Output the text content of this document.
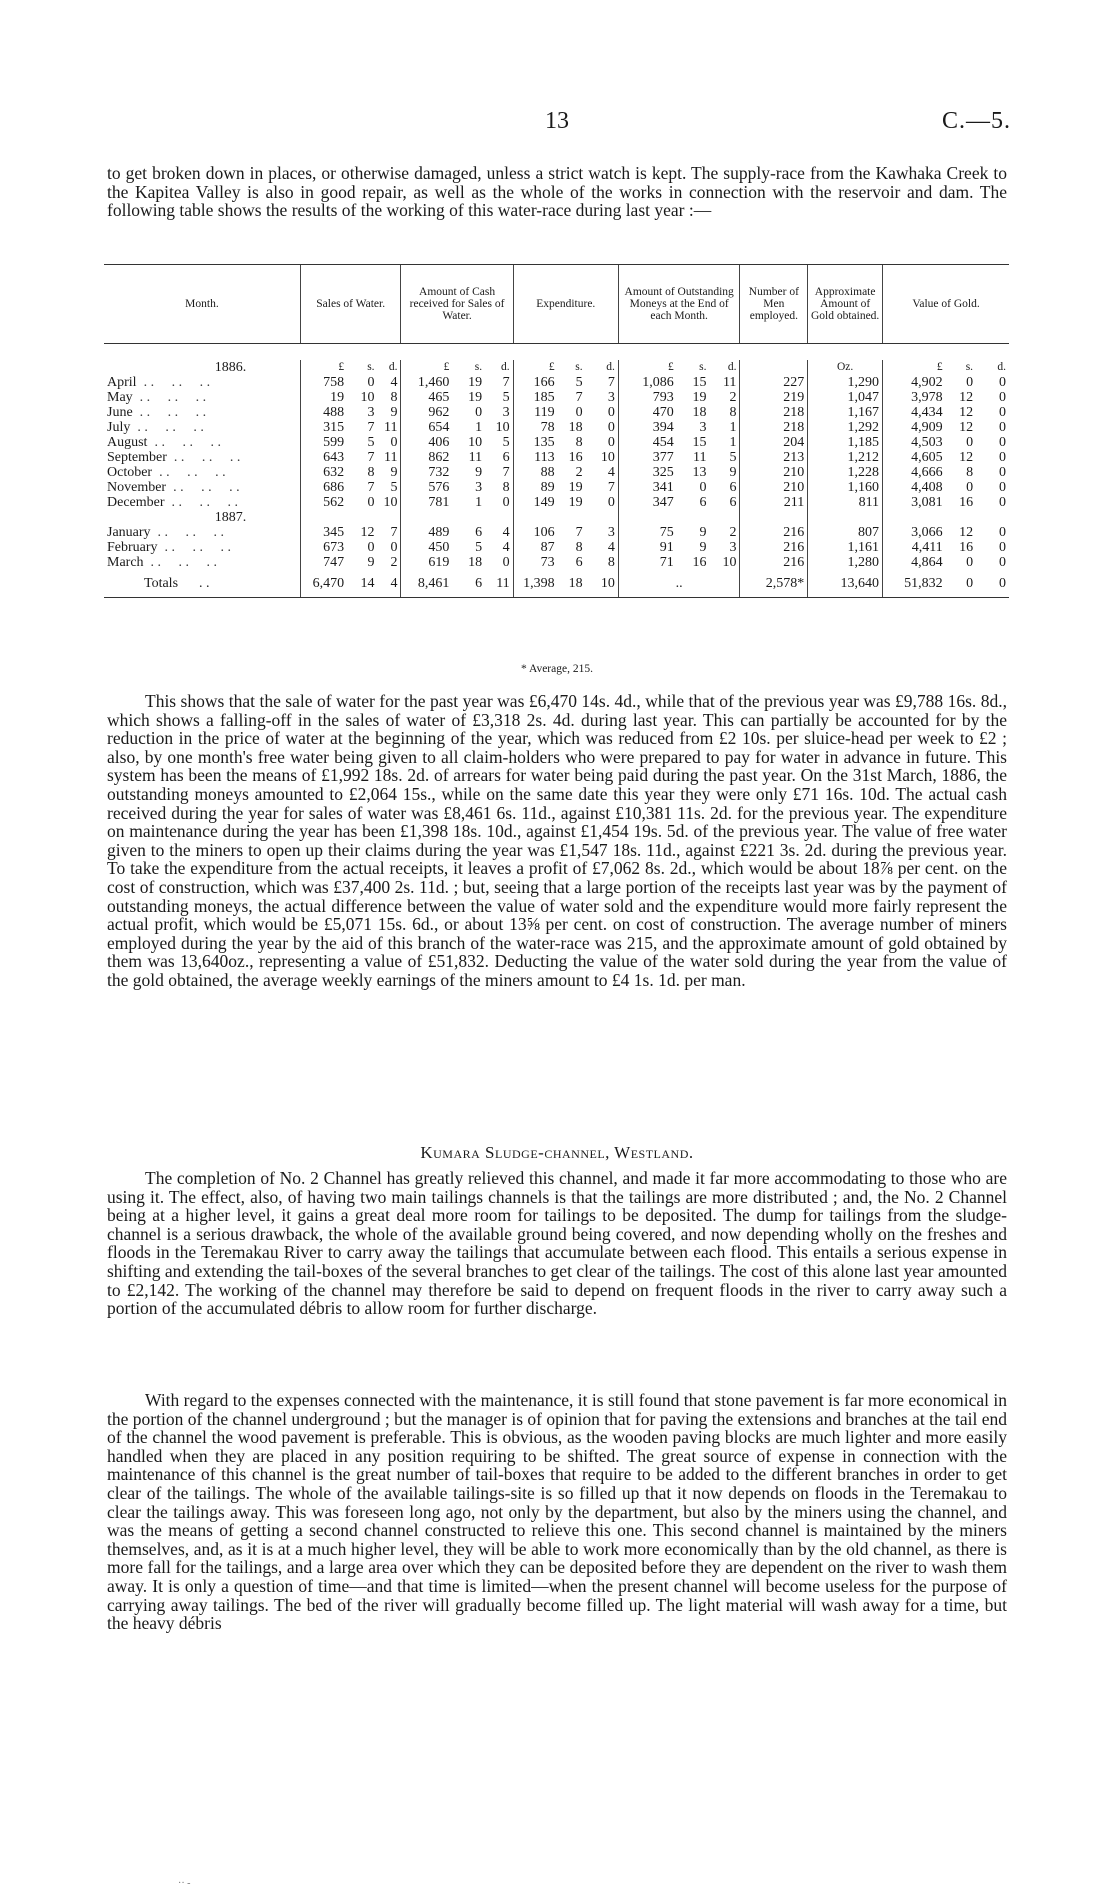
13	C.—5.

to get broken down in places, or otherwise damaged, unless a strict watch is kept. The supply-race from the Kawhaka Creek to the Kapitea Valley is also in good repair, as well as the whole of the works in connection with the reservoir and dam. The following table shows the results of the working of this water-race during last year :—

Month.	Sales of Water.			Amount of Cash received for Sales of Water.			Expenditure.			Amount of Outstanding Moneys at the End of each Month.			Number of Men employed.	Approximate Amount of Gold obtained.	Value of Gold.		

1886.	£	s.	d.	£	s.	d.	£	s.	d.	£	s.	d.		Oz.	£	s.	d.
April  . .     . .     . .	758	0	4	1,460	19	7	166	5	7	1,086	15	11	227	1,290	4,902	0	0
May  . .     . .     . .	19	10	8	465	19	5	185	7	3	793	19	2	219	1,047	3,978	12	0
June  . .     . .     . .	488	3	9	962	0	3	119	0	0	470	18	8	218	1,167	4,434	12	0
July  . .     . .     . .	315	7	11	654	1	10	78	18	0	394	3	1	218	1,292	4,909	12	0
August  . .     . .     . .	599	5	0	406	10	5	135	8	0	454	15	1	204	1,185	4,503	0	0
September  . .     . .     . .	643	7	11	862	11	6	113	16	10	377	11	5	213	1,212	4,605	12	0
October  . .     . .     . .	632	8	9	732	9	7	88	2	4	325	13	9	210	1,228	4,666	8	0
November  . .     . .     . .	686	7	5	576	3	8	89	19	7	341	0	6	210	1,160	4,408	0	0
December  . .     . .     . .	562	0	10	781	1	0	149	19	0	347	6	6	211	811	3,081	16	0
1887.																	
January  . .     . .     . .	345	12	7	489	6	4	106	7	3	75	9	2	216	807	3,066	12	0
February  . .     . .     . .	673	0	0	450	5	4	87	8	4	91	9	3	216	1,161	4,411	16	0
March  . .     . .     . .	747	9	2	619	18	0	73	6	8	71	16	10	216	1,280	4,864	0	0
Totals      . .	6,470	14	4	8,461	6	11	1,398	18	10	..			2,578*	13,640	51,832	0	0
* Average, 215.

This shows that the sale of water for the past year was £6,470 14s. 4d., while that of the previous year was £9,788 16s. 8d., which shows a falling-off in the sales of water of £3,318 2s. 4d. during last year. This can partially be accounted for by the reduction in the price of water at the beginning of the year, which was reduced from £2 10s. per sluice-head per week to £2 ; also, by one month's free water being given to all claim-holders who were prepared to pay for water in advance in future. This system has been the means of £1,992 18s. 2d. of arrears for water being paid during the past year. On the 31st March, 1886, the outstanding moneys amounted to £2,064 15s., while on the same date this year they were only £71 16s. 10d. The actual cash received during the year for sales of water was £8,461 6s. 11d., against £10,381 11s. 2d. for the previous year. The expenditure on maintenance during the year has been £1,398 18s. 10d., against £1,454 19s. 5d. of the previous year. The value of free water given to the miners to open up their claims during the year was £1,547 18s. 11d., against £221 3s. 2d. during the previous year. To take the expenditure from the actual receipts, it leaves a profit of £7,062 8s. 2d., which would be about 18⅞ per cent. on the cost of construction, which was £37,400 2s. 11d. ; but, seeing that a large portion of the receipts last year was by the payment of outstanding moneys, the actual difference between the value of water sold and the expenditure would more fairly represent the actual profit, which would be £5,071 15s. 6d., or about 13⅝ per cent. on cost of construction. The average number of miners employed during the year by the aid of this branch of the water-race was 215, and the approximate amount of gold obtained by them was 13,640oz., representing a value of £51,832. Deducting the value of the water sold during the year from the value of the gold obtained, the average weekly earnings of the miners amount to £4 1s. 1d. per man.

Kumara Sludge-channel, Westland.

The completion of No. 2 Channel has greatly relieved this channel, and made it far more accommodating to those who are using it. The effect, also, of having two main tailings channels is that the tailings are more distributed ; and, the No. 2 Channel being at a higher level, it gains a great deal more room for tailings to be deposited. The dump for tailings from the sludge-channel is a serious drawback, the whole of the available ground being covered, and now depending wholly on the freshes and floods in the Teremakau River to carry away the tailings that accumulate between each flood. This entails a serious expense in shifting and extending the tail-boxes of the several branches to get clear of the tailings. The cost of this alone last year amounted to £2,142. The working of the channel may therefore be said to depend on frequent floods in the river to carry away such a portion of the accumulated débris to allow room for further discharge.

With regard to the expenses connected with the maintenance, it is still found that stone pavement is far more economical in the portion of the channel underground ; but the manager is of opinion that for paving the extensions and branches at the tail end of the channel the wood pavement is preferable. This is obvious, as the wooden paving blocks are much lighter and more easily handled when they are placed in any position requiring to be shifted. The great source of expense in connection with the maintenance of this channel is the great number of tail-boxes that require to be added to the different branches in order to get clear of the tailings. The whole of the available tailings-site is so filled up that it now depends on floods in the Teremakau to clear the tailings away. This was foreseen long ago, not only by the department, but also by the miners using the channel, and was the means of getting a second channel constructed to relieve this one. This second channel is maintained by the miners themselves, and, as it is at a much higher level, they will be able to work more economically than by the old channel, as there is more fall for the tailings, and a large area over which they can be deposited before they are dependent on the river to wash them away. It is only a question of time—and that time is limited—when the present channel will become useless for the purpose of carrying away tailings. The bed of the river will gradually become filled up. The light material will wash away for a time, but the heavy débris

·· ‐
